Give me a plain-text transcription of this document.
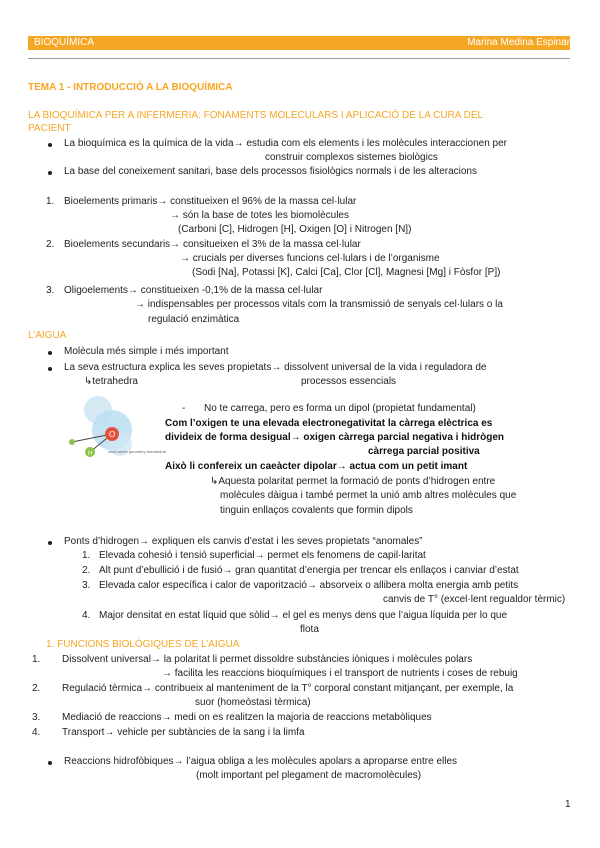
BIOQUÍMICA	Marina Medina Espinar
TEMA 1 - INTRODUCCIÓ A LA BIOQUÍMICA
LA BIOQUÍMICA PER A INFERMERIA: FONAMENTS MOLECULARS I APLICACIÓ DE LA CURA DEL
PACIENT
La bioquímica es la química de la vida→ estudia com els elements i les molècules interaccionen per
construir complexos sistemes biològics
La base del coneixement sanitari, base dels processos fisiològics normals i de les alteracions
1. Bioelements primaris→ constitueixen el 96% de la massa cel·lular
→ són la base de totes les biomolècules
(Carboni [C], Hidrogen [H], Oxigen [O] i Nitrogen [N])
2. Bioelements secundaris→ consitueixen el 3% de la massa cel·lular
→ crucials per diverses funcions cel·lulars i de l’organisme
(Sodi [Na], Potassi [K], Calci [Ca], Clor [Cl], Magnesi [Mg] i Fòsfor [P])
3. Oligoelements→ constitueixen -0,1% de la massa cel·lular
→ indispensables per processos vitals com la transmissió de senyals cel·lulars o la
regulació enzimàtica
L’AIGUA
Molècula més simple i més important
La seva estructura explica les seves propietats→ dissolvent universal de la vida i reguladora de
↳tetrahedra	processos essencials
O
H	ozed nkeer geometry tetrahedral
- No te carrega, pero es forma un dipol (propietat fundamental)
Com l’oxigen te una elevada electronegativitat la càrrega elèctrica es
divideix de forma desigual→ oxigen càrrega parcial negativa i hidrògen
càrrega parcial positiva
Això li confereix un caeàcter dipolar→ actua com un petit imant
↳Aquesta polaritat permet la formació de ponts d’hidrogen entre
molècules dàigua i també permet la unió amb altres molècules que
tinguin enllaços covalents que formin dipols
Ponts d’hidrogen→ expliquen els canvis d’estat i les seves propietats “anomales”
1. Elevada cohesió i tensió superficial→ permet els fenomens de capil·laritat
2. Alt punt d’ebullició i de fusió→ gran quantitat d’energia per trencar els enllaços i canviar d’estat
3. Elevada calor específica i calor de vaporització→ absorveix o allibera molta energia amb petits
canvis de T° (excel·lent regualdor tèrmic)
4. Major densitat en estat líquid que sòlid→ el gel es menys dens que l’aigua líquida per lo que
flota
1. FUNCIONS BIOLÒGIQUES DE L’AIGUA
1. Dissolvent universal→ la polaritat li permet dissoldre substàncies iòniques i molècules polars
→ facilita les reaccions bioquímiques i el transport de nutrients i coses de rebuig
2. Regulació tèrmica→ contribueix al manteniment de la T° corporal constant mitjançant, per exemple, la
suor (homeòstasi tèrmica)
3. Mediació de reaccions→ medi on es realitzen la majoria de reaccions metabòliques
4. Transport→ vehicle per subtàncies de la sang i la limfa
Reaccions hidrofòbiques→ l’aigua obliga a les molècules apolars a aproparse entre elles
(molt important pel plegament de macromolècules)
1
